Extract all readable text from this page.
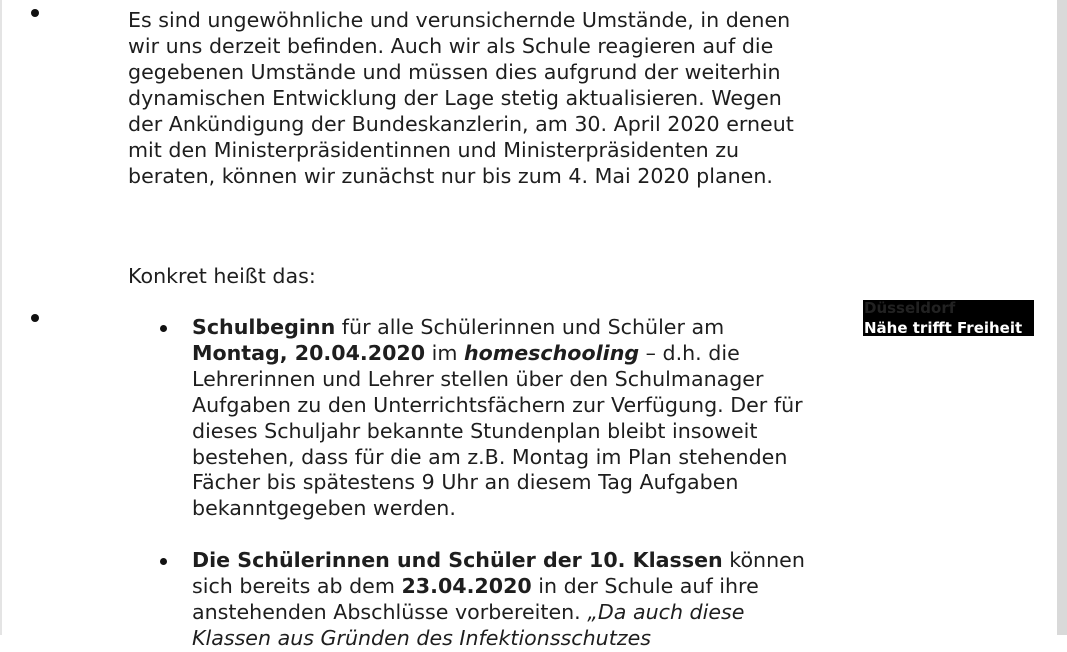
Es sind ungewöhnliche und verunsichernde Umstände, in denen
wir uns derzeit befinden. Auch wir als Schule reagieren auf die
gegebenen Umstände und müssen dies aufgrund der weiterhin
dynamischen Entwicklung der Lage stetig aktualisieren. Wegen
der Ankündigung der Bundeskanzlerin, am 30. April 2020 erneut
mit den Ministerpräsidentinnen und Ministerpräsidenten zu
beraten, können wir zunächst nur bis zum 4. Mai 2020 planen.
Konkret heißt das:
Schulbeginn für alle Schülerinnen und Schüler am
Montag, 20.04.2020 im homeschooling – d.h. die
Lehrerinnen und Lehrer stellen über den Schulmanager
Aufgaben zu den Unterrichtsfächern zur Verfügung. Der für
dieses Schuljahr bekannte Stundenplan bleibt insoweit
bestehen, dass für die am z.B. Montag im Plan stehenden
Fächer bis spätestens 9 Uhr an diesem Tag Aufgaben
bekanntgegeben werden.
Die Schülerinnen und Schüler der 10. Klassen können
sich bereits ab dem 23.04.2020 in der Schule auf ihre
anstehenden Abschlüsse vorbereiten. „Da auch diese
Klassen aus Gründen des Infektionsschutzes
Düsseldorf
Nähe trifft Freiheit
